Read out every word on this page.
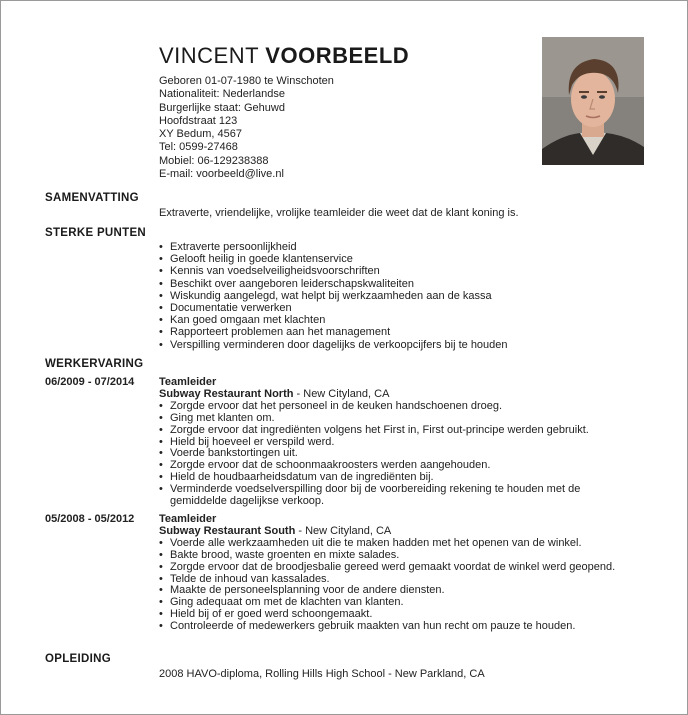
VINCENT VOORBEELD
Geboren 01-07-1980 te Winschoten
Nationaliteit: Nederlandse
Burgerlijke staat: Gehuwd
Hoofdstraat 123
XY Bedum, 4567
Tel: 0599-27468
Mobiel: 06-129238388
E-mail: voorbeeld@live.nl
SAMENVATTING
Extraverte, vriendelijke, vrolijke teamleider die weet dat de klant koning is.
STERKE PUNTEN
• Extraverte persoonlijkheid
• Gelooft heilig in goede klantenservice
• Kennis van voedselveiligheidsvoorschriften
• Beschikt over aangeboren leiderschapskwaliteiten
• Wiskundig aangelegd, wat helpt bij werkzaamheden aan de kassa
• Documentatie verwerken
• Kan goed omgaan met klachten
• Rapporteert problemen aan het management
• Verspilling verminderen door dagelijks de verkoopcijfers bij te houden
WERKERVARING
06/2009 - 07/2014 Teamleider
Subway Restaurant North - New Cityland, CA
• Zorgde ervoor dat het personeel in de keuken handschoenen droeg.
• Ging met klanten om.
• Zorgde ervoor dat ingrediënten volgens het First in, First out-principe werden gebruikt.
• Hield bij hoeveel er verspild werd.
• Voerde bankstortingen uit.
• Zorgde ervoor dat de schoonmaakroosters werden aangehouden.
• Hield de houdbaarheidsdatum van de ingrediënten bij.
• Verminderde voedselverspilling door bij de voorbereiding rekening te houden met de gemiddelde dagelijkse verkoop.
05/2008 - 05/2012 Teamleider
Subway Restaurant South - New Cityland, CA
• Voerde alle werkzaamheden uit die te maken hadden met het openen van de winkel.
• Bakte brood, waste groenten en mixte salades.
• Zorgde ervoor dat de broodjesbalie gereed werd gemaakt voordat de winkel werd geopend.
• Telde de inhoud van kassalades.
• Maakte de personeelsplanning voor de andere diensten.
• Ging adequaat om met de klachten van klanten.
• Hield bij of er goed werd schoongemaakt.
• Controleerde of medewerkers gebruik maakten van hun recht om pauze te houden.
OPLEIDING
2008 HAVO-diploma, Rolling Hills High School - New Parkland, CA
